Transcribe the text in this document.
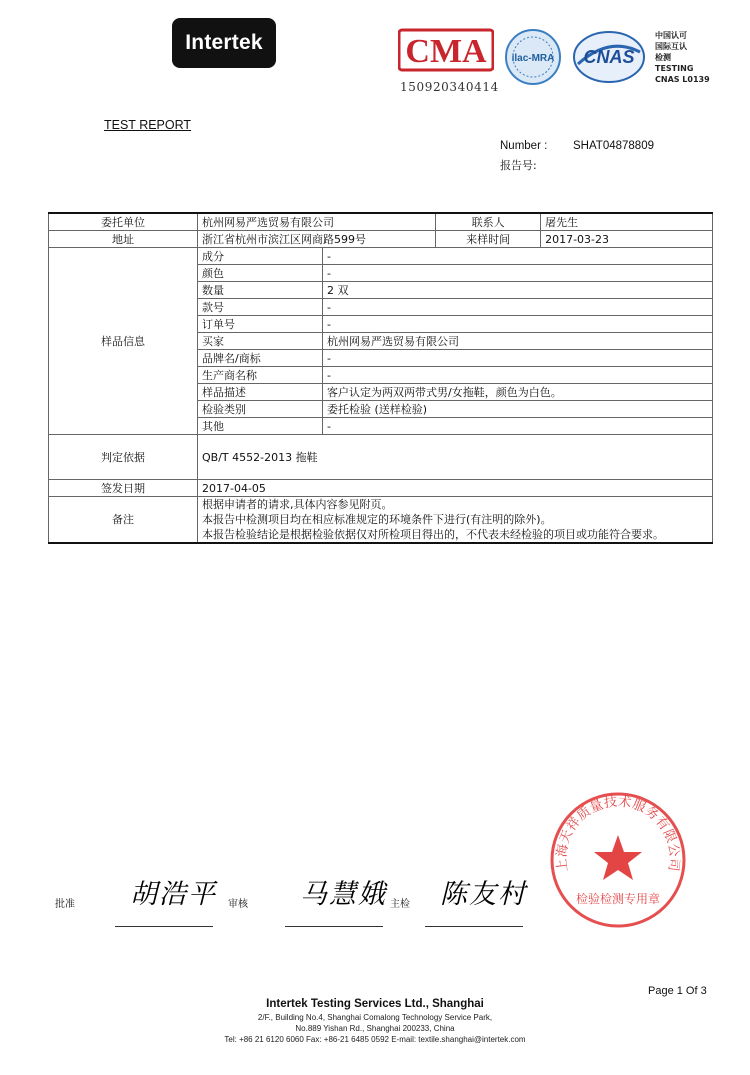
Intertek	CMA
150920340414
ilac-MRA CNAS
中国认可
国际互认
检测
TESTING
CNAS L0139
TEST REPORT
Number : SHAT04878809
报告号:
委托单位	杭州网易严选贸易有限公司		联系人	屠先生
地址	浙江省杭州市滨江区网商路599号		来样时间	2017-03-23
样品信息	成分	-		
	颜色	-		
	数量	2 双		
	款号	-		
	订单号	-		
	买家	杭州网易严选贸易有限公司		
	品牌名/商标	-		
	生产商名称	-		
	样品描述	客户认定为两双两带式男/女拖鞋，颜色为白色。		
	检验类别	委托检验 (送样检验)		
	其他	-		
判定依据	QB/T 4552-2013 拖鞋			
签发日期	2017-04-05			
备注	根据申请者的请求,具体内容参见附页。
本报告中检测项目均在相应标准规定的环境条件下进行(有注明的除外)。
本报告检验结论是根据检验依据仅对所检项目得出的，不代表未经检验的项目或功能符合要求。			
批准 胡浩平 审核 马慧娥 主检 陈友村
上海天祥质量技术服务有限公司
检验检测专用章
Page 1 Of 3
Intertek Testing Services Ltd., Shanghai
2/F., Building No.4, Shanghai Comalong Technology Service Park,
No.889 Yishan Rd., Shanghai 200233, China
Tel: +86 21 6120 6060 Fax: +86-21 6485 0592 E-mail: textile.shanghai@intertek.com
